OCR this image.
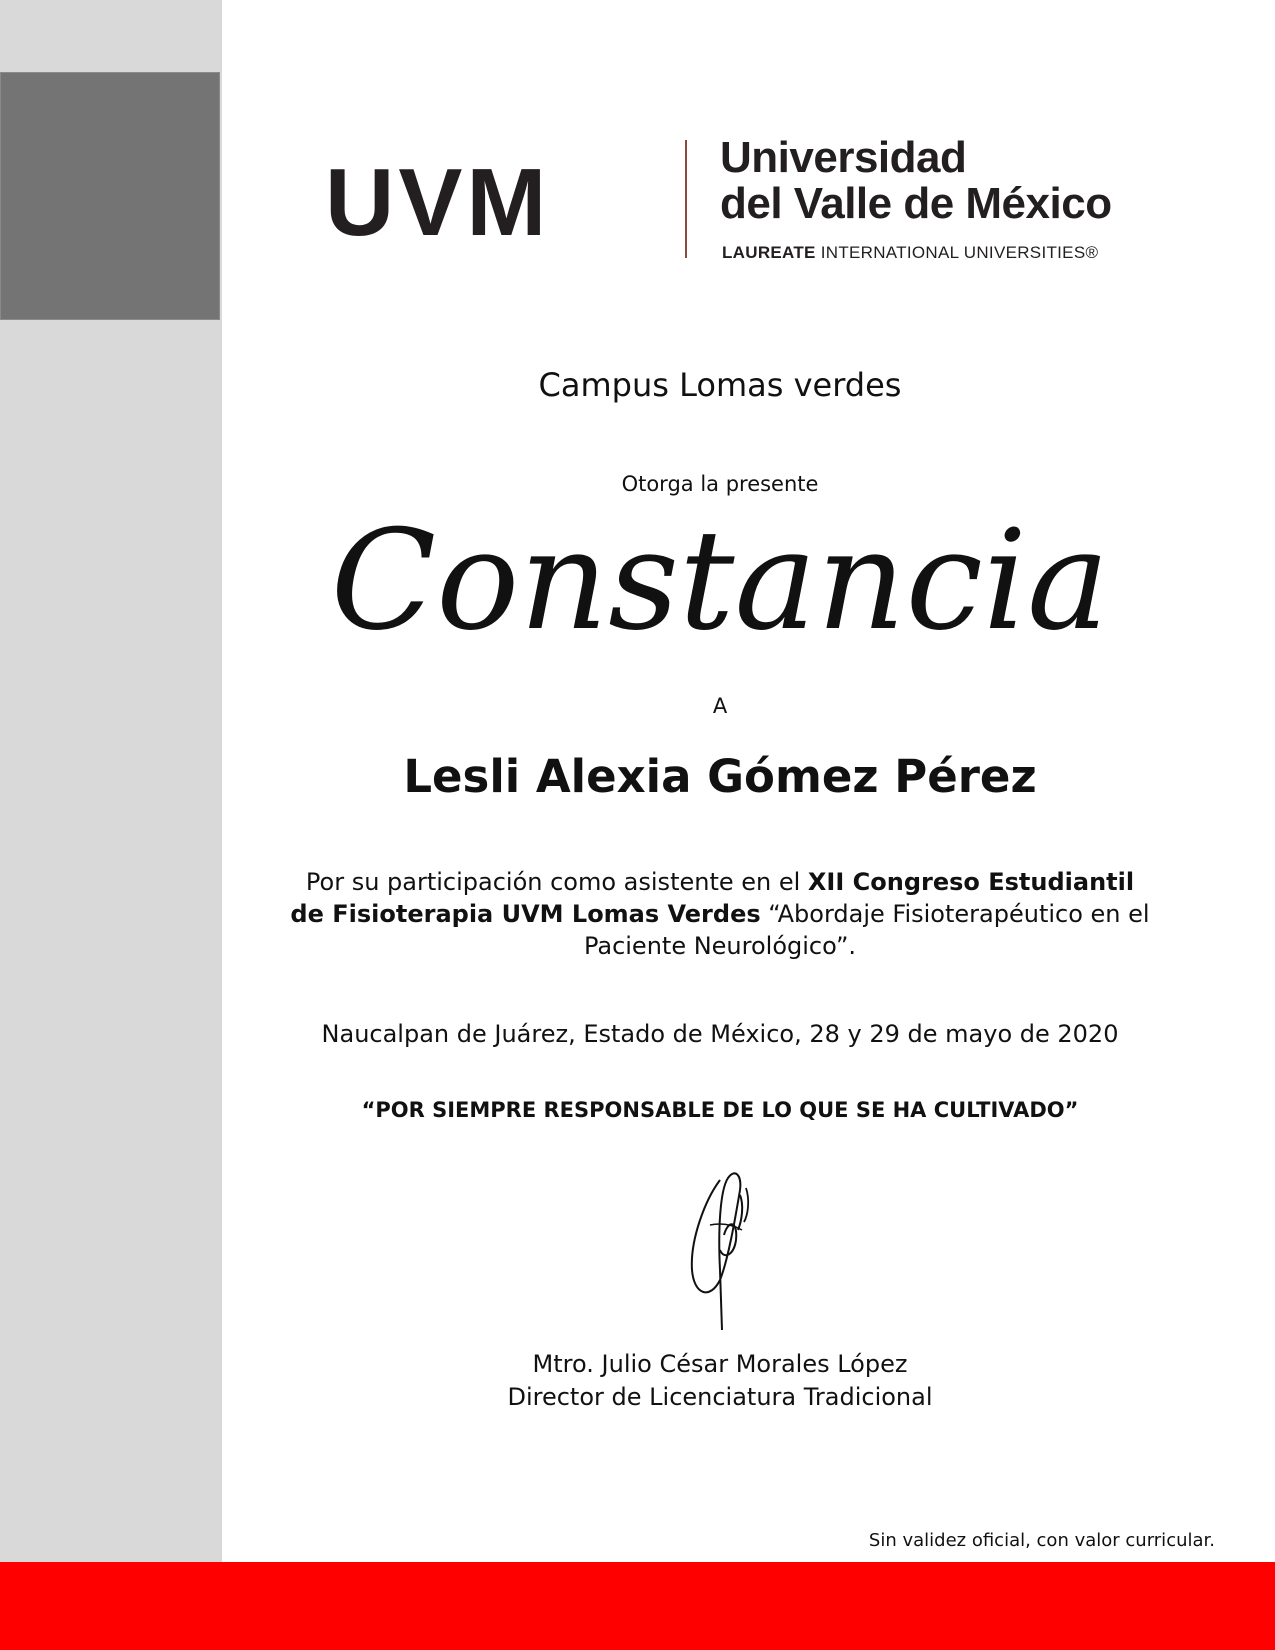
UVM	Universidad
del Valle de México
LAUREATE INTERNATIONAL UNIVERSITIES®
Campus Lomas verdes
Otorga la presente
Constancia
A
Lesli Alexia Gómez Pérez
Por su participación como asistente en el XII Congreso Estudiantil de Fisioterapia UVM Lomas Verdes “Abordaje Fisioterapéutico en el Paciente Neurológico”.
Naucalpan de Juárez, Estado de México, 28 y 29 de mayo de 2020
“POR SIEMPRE RESPONSABLE DE LO QUE SE HA CULTIVADO”
Mtro. Julio César Morales López
Director de Licenciatura Tradicional
Sin validez oficial, con valor curricular.
